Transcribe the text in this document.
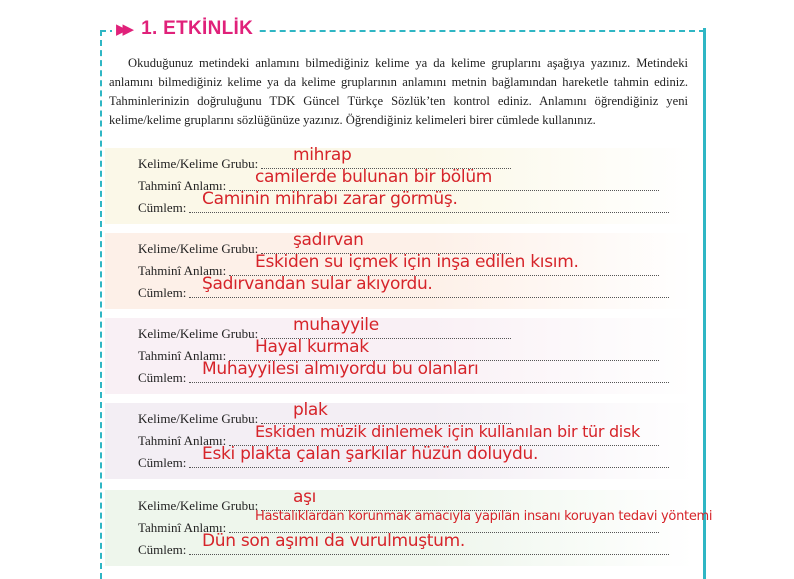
▶▶ 1. ETKİNLİK

Okuduğunuz metindeki anlamını bilmediğiniz kelime ya da kelime gruplarını aşağıya yazınız. Metindeki anlamını bilmediğiniz kelime ya da kelime gruplarının anlamını metnin bağlamından hareketle tahmin ediniz. Tahminlerinizin doğruluğunu TDK Güncel Türkçe Sözlük’ten kontrol ediniz. Anlamını öğrendiğiniz yeni kelime/kelime gruplarını sözlüğünüze yazınız. Öğrendiğiniz kelimeleri birer cümlede kullanınız.

Kelime/Kelime Grubu: mihrap
Tahminî Anlamı: camilerde bulunan bir bölüm
Cümlem: Caminin mihrabı zarar görmüş.
Kelime/Kelime Grubu: şadırvan
Tahminî Anlamı: Eskiden su içmek için inşa edilen kısım.
Cümlem: Şadırvandan sular akıyordu.
Kelime/Kelime Grubu: muhayyile
Tahminî Anlamı: Hayal kurmak
Cümlem: Muhayyilesi almıyordu bu olanları
Kelime/Kelime Grubu: plak
Tahminî Anlamı: Eskiden müzik dinlemek için kullanılan bir tür disk
Cümlem: Eski plakta çalan şarkılar hüzün doluydu.
Kelime/Kelime Grubu: aşı
Tahminî Anlamı:
Hastalıklardan korunmak amacıyla yapılan insanı koruyan tedavi yöntemi
Cümlem: Dün son aşımı da vurulmuştum.
